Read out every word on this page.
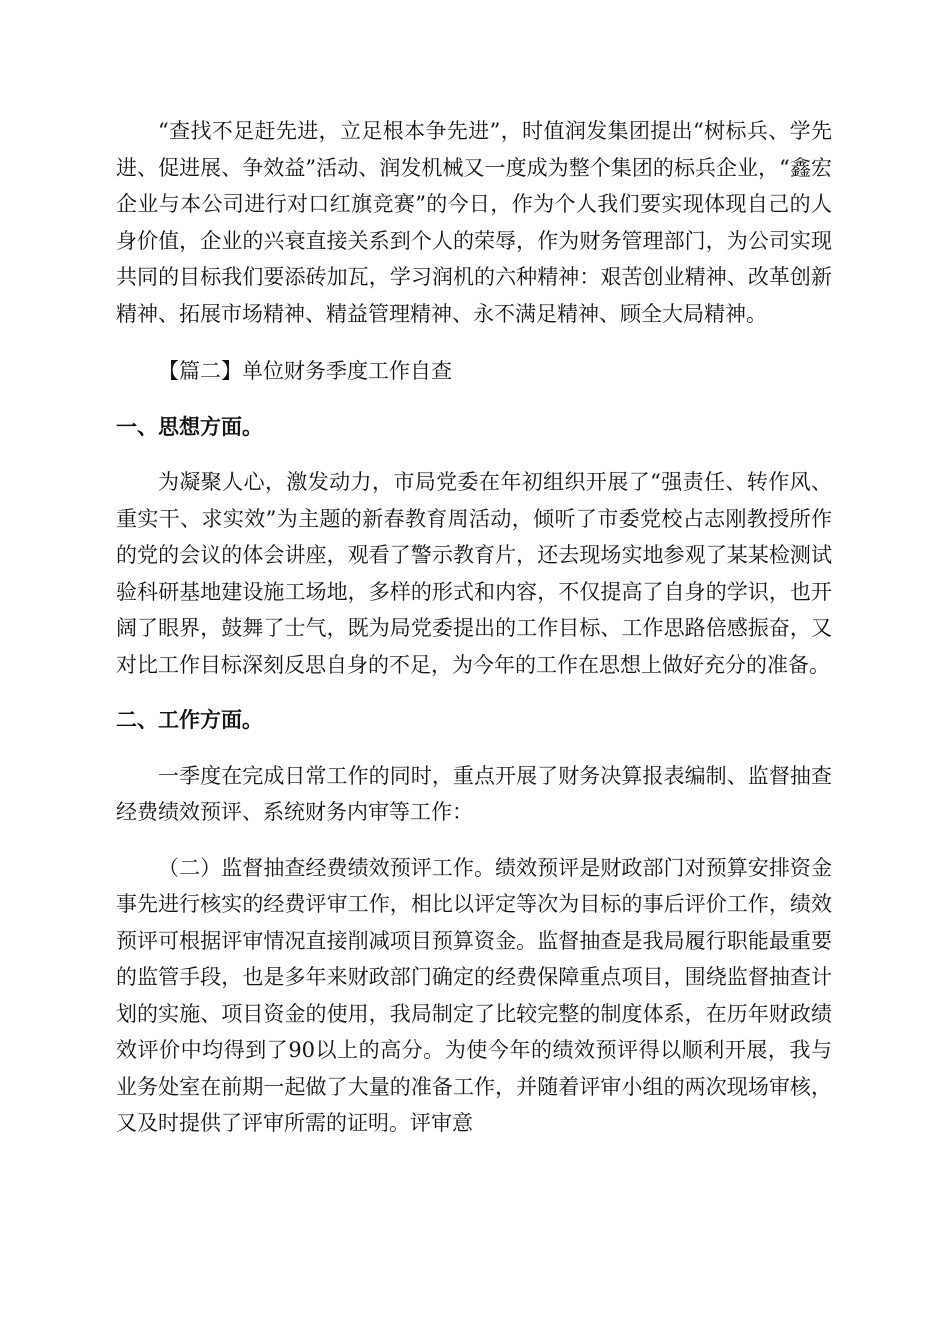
“查找不足赶先进，立足根本争先进”，时值润发集团提出“树标兵、学先进、促进展、争效益”活动、润发机械又一度成为整个集团的标兵企业，“鑫宏企业与本公司进行对口红旗竞赛”的今日，作为个人我们要实现体现自己的人身价值，企业的兴衰直接关系到个人的荣辱，作为财务管理部门，为公司实现共同的目标我们要添砖加瓦，学习润机的六种精神：艰苦创业精神、改革创新精神、拓展市场精神、精益管理精神、永不满足精神、顾全大局精神。

【篇二】单位财务季度工作自查

一、思想方面。

为凝聚人心，激发动力，市局党委在年初组织开展了“强责任、转作风、重实干、求实效”为主题的新春教育周活动，倾听了市委党校占志刚教授所作的党的会议的体会讲座，观看了警示教育片，还去现场实地参观了某某检测试验科研基地建设施工场地，多样的形式和内容，不仅提高了自身的学识，也开阔了眼界，鼓舞了士气，既为局党委提出的工作目标、工作思路倍感振奋，又对比工作目标深刻反思自身的不足，为今年的工作在思想上做好充分的准备。

二、工作方面。

一季度在完成日常工作的同时，重点开展了财务决算报表编制、监督抽查经费绩效预评、系统财务内审等工作：

（二）监督抽查经费绩效预评工作。绩效预评是财政部门对预算安排资金事先进行核实的经费评审工作，相比以评定等次为目标的事后评价工作，绩效预评可根据评审情况直接削减项目预算资金。监督抽查是我局履行职能最重要的监管手段，也是多年来财政部门确定的经费保障重点项目，围绕监督抽查计划的实施、项目资金的使用，我局制定了比较完整的制度体系，在历年财政绩效评价中均得到了90以上的高分。为使今年的绩效预评得以顺利开展，我与业务处室在前期一起做了大量的准备工作，并随着评审小组的两次现场审核，又及时提供了评审所需的证明。评审意
